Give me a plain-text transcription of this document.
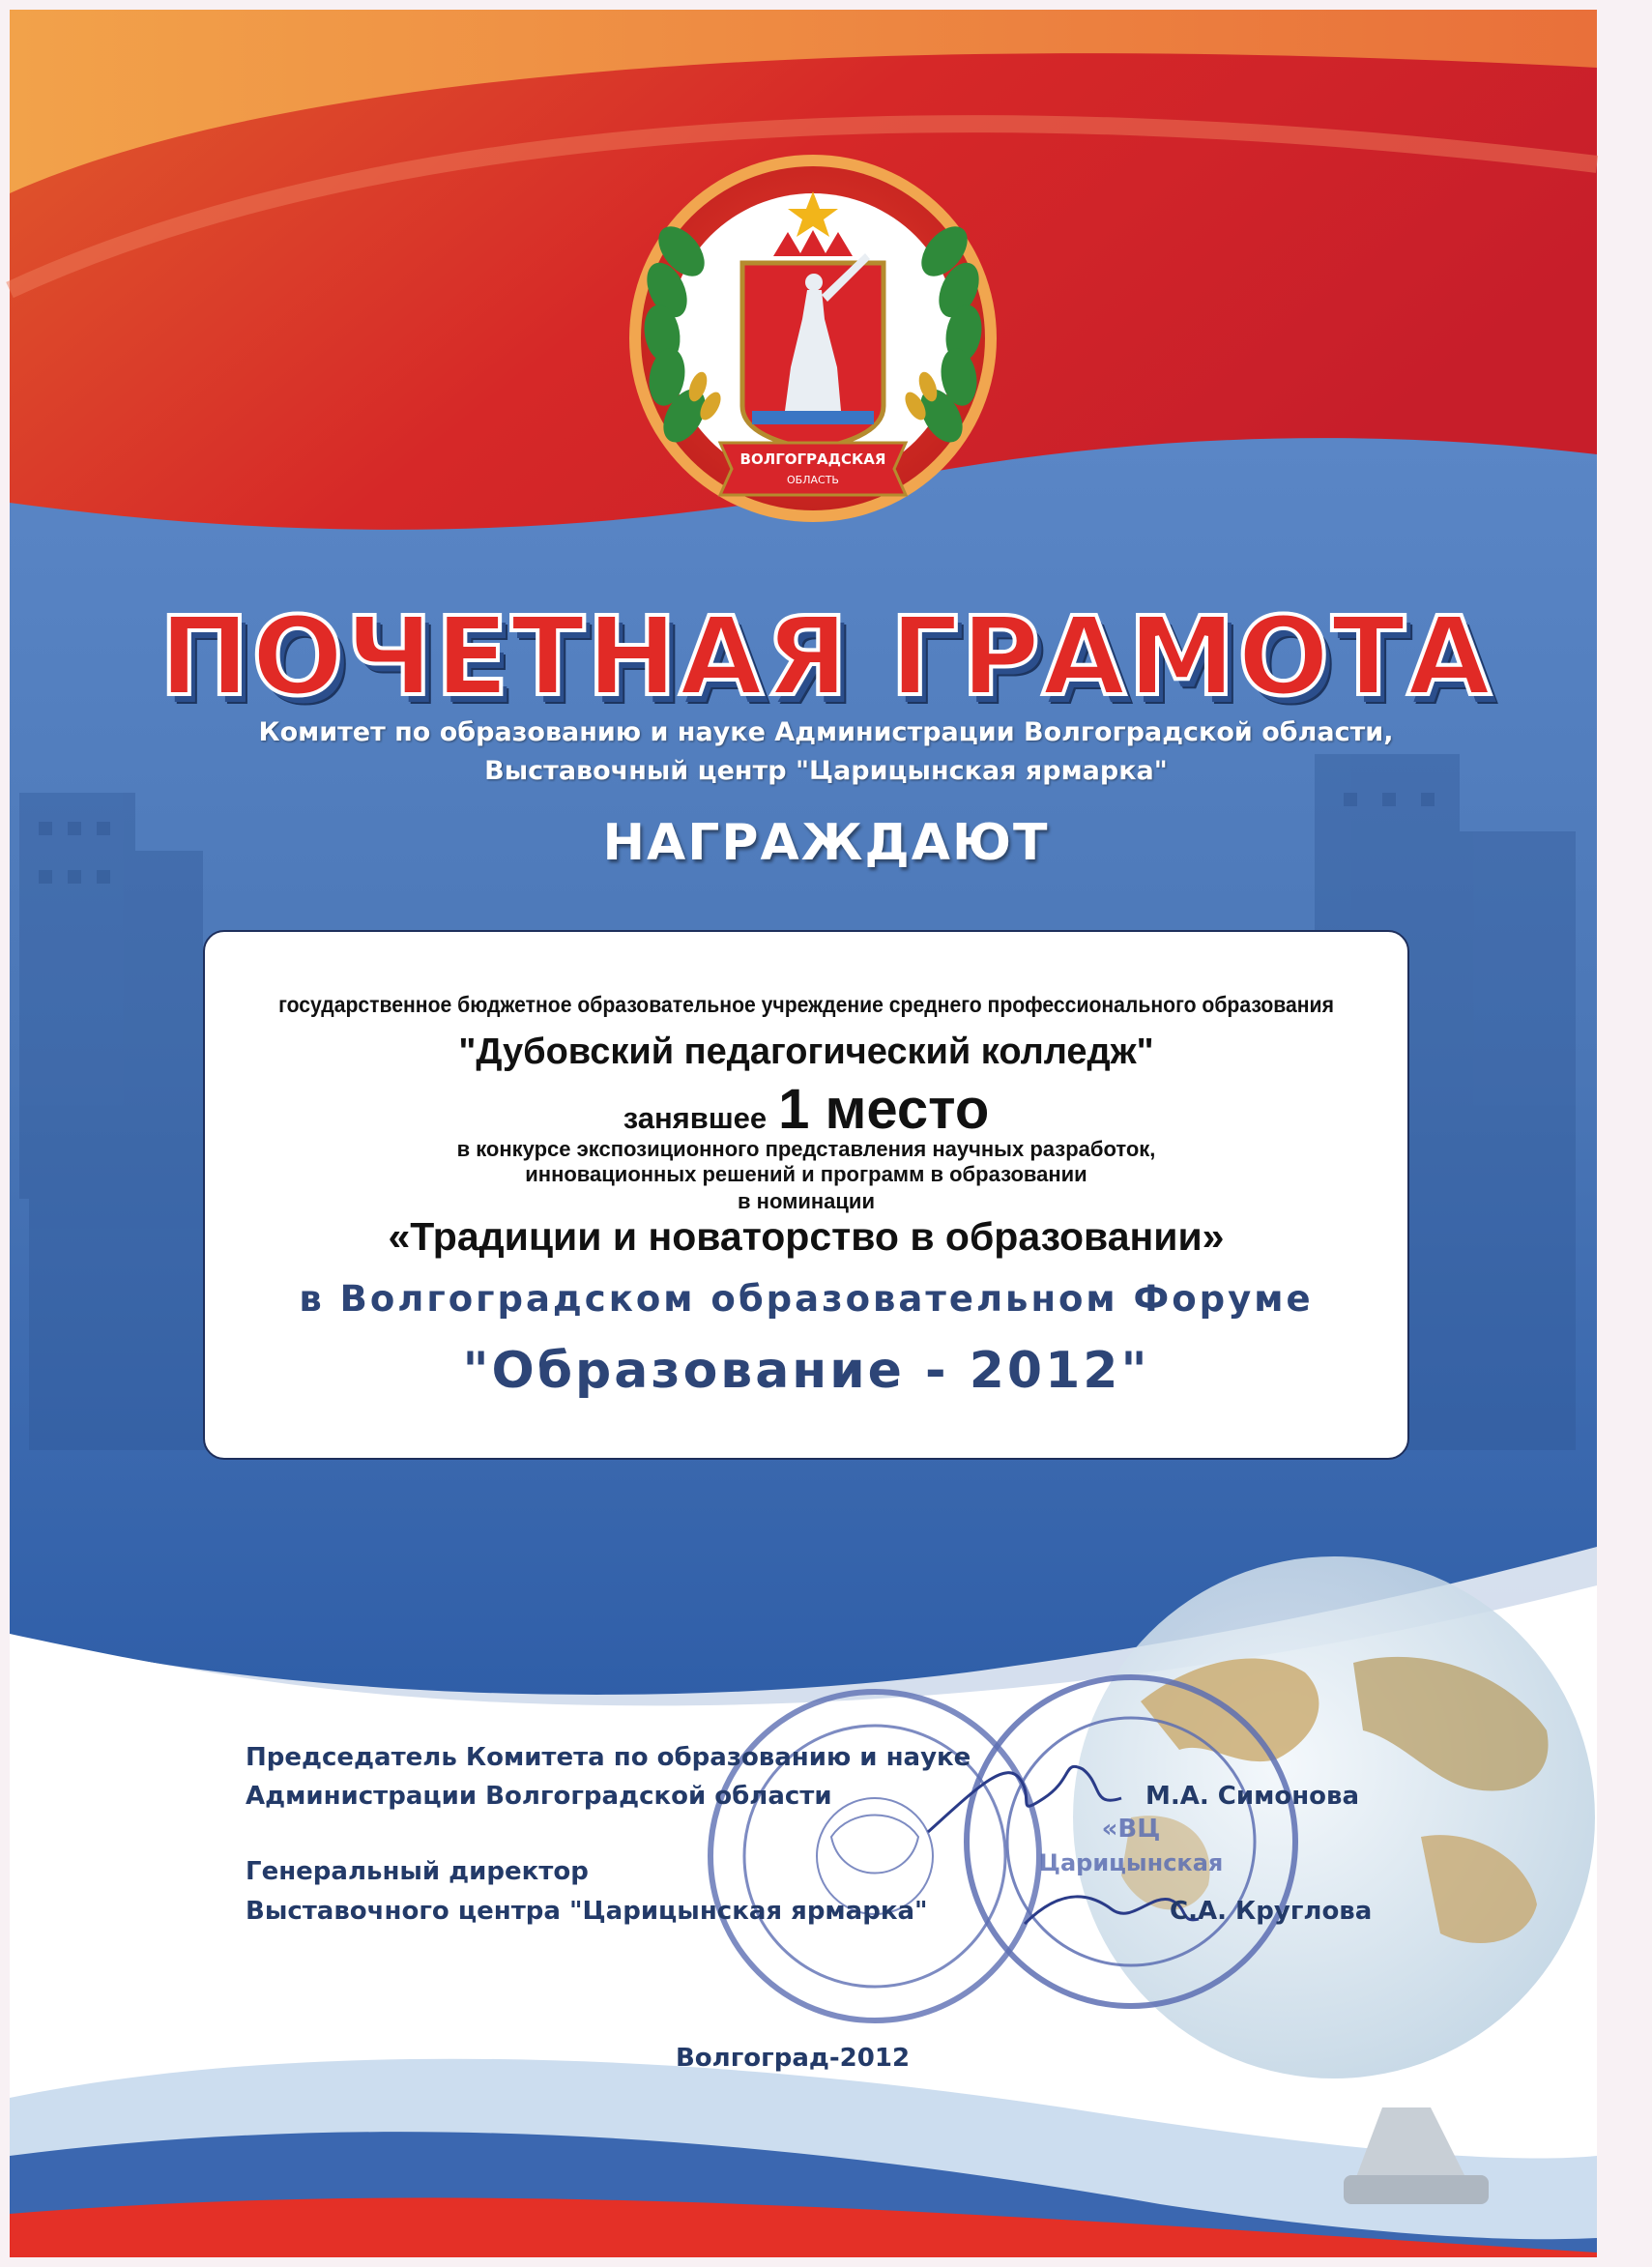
ВОЛГОГРАДСКАЯ
ОБЛАСТЬ
«ВЦ
Царицынская
ПОЧЕТНАЯ ГРАМОТА
Комитет по образованию и науке Администрации Волгоградской области,
Выставочный центр "Царицынская ярмарка"
НАГРАЖДАЮТ
государственное бюджетное образовательное учреждение среднего профессионального образования
"Дубовский педагогический колледж"
занявшее 1 место
в конкурсе экспозиционного представления научных разработок,
инновационных решений и программ в образовании
в номинации
«Традиции и новаторство в образовании»
в Волгоградском образовательном Форуме
"Образование - 2012"
Председатель Комитета по образованию и науке
Администрации Волгоградской области	М.А. Симонова
Генеральный директор
Выставочного центра "Царицынская ярмарка"	С.А. Круглова
Волгоград-2012
